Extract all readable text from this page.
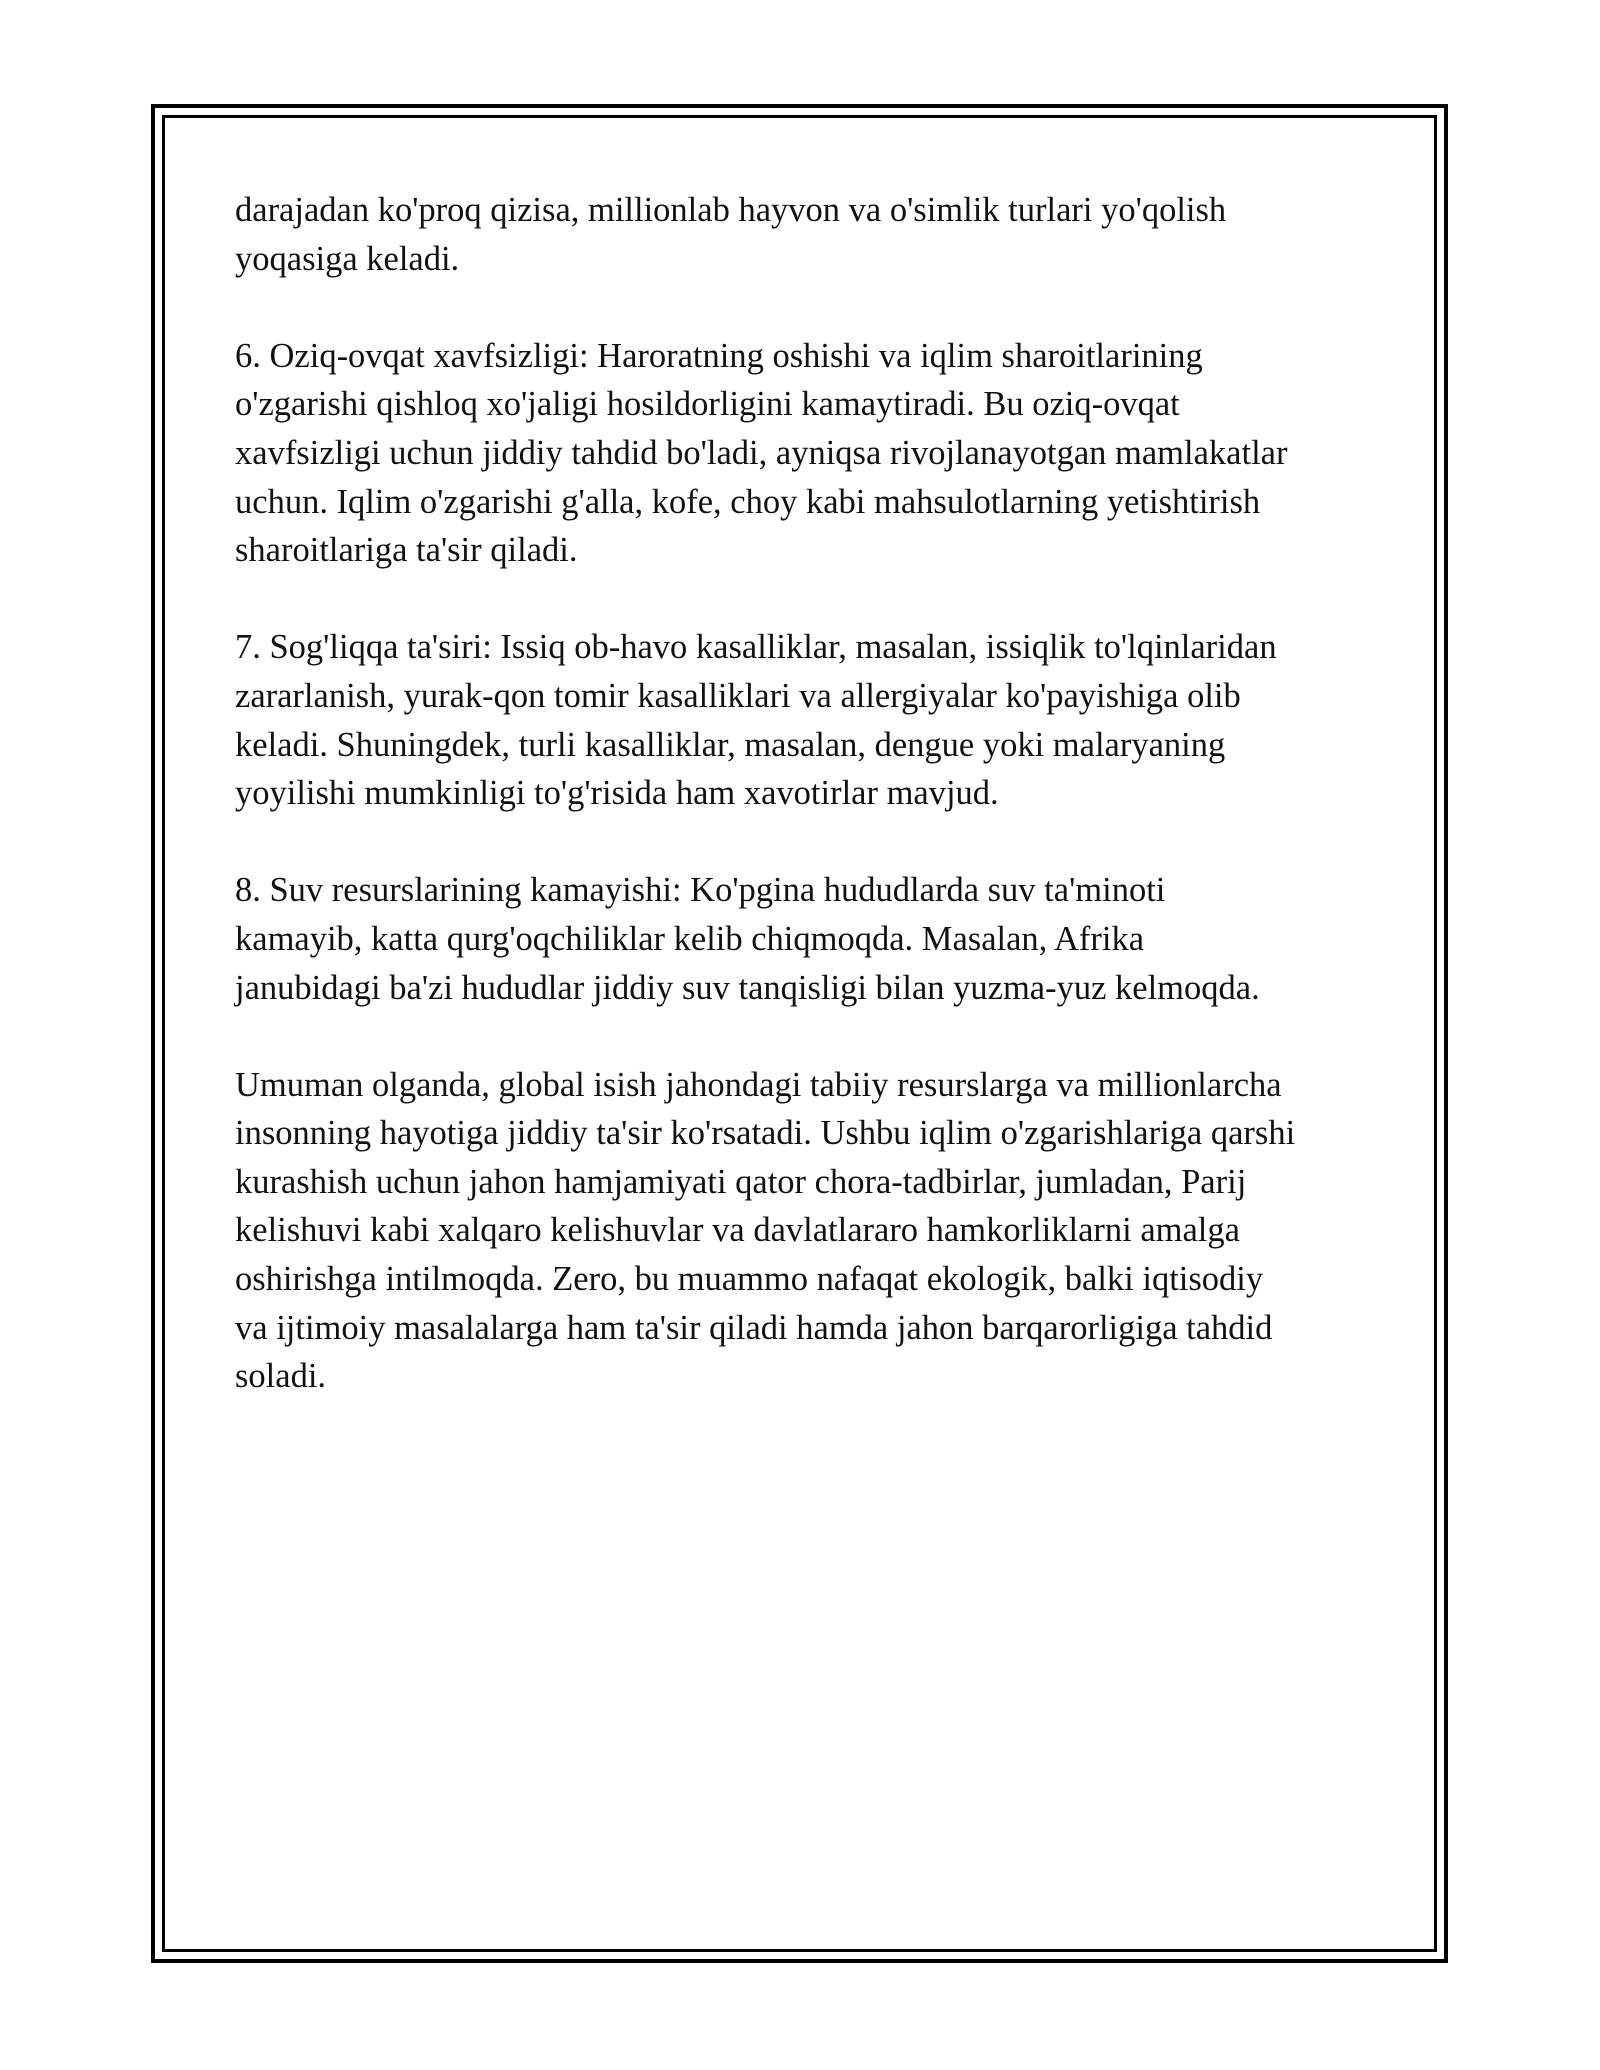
darajadan ko'proq qizisa, millionlab hayvon va o'simlik turlari yo'qolish
yoqasiga keladi.

6. Oziq-ovqat xavfsizligi: Haroratning oshishi va iqlim sharoitlarining
o'zgarishi qishloq xo'jaligi hosildorligini kamaytiradi. Bu oziq-ovqat
xavfsizligi uchun jiddiy tahdid bo'ladi, ayniqsa rivojlanayotgan mamlakatlar
uchun. Iqlim o'zgarishi g'alla, kofe, choy kabi mahsulotlarning yetishtirish
sharoitlariga ta'sir qiladi.

7. Sog'liqqa ta'siri: Issiq ob-havo kasalliklar, masalan, issiqlik to'lqinlaridan
zararlanish, yurak-qon tomir kasalliklari va allergiyalar ko'payishiga olib
keladi. Shuningdek, turli kasalliklar, masalan, dengue yoki malaryaning
yoyilishi mumkinligi to'g'risida ham xavotirlar mavjud.

8. Suv resurslarining kamayishi: Ko'pgina hududlarda suv ta'minoti
kamayib, katta qurg'oqchiliklar kelib chiqmoqda. Masalan, Afrika
janubidagi ba'zi hududlar jiddiy suv tanqisligi bilan yuzma-yuz kelmoqda.

Umuman olganda, global isish jahondagi tabiiy resurslarga va millionlarcha
insonning hayotiga jiddiy ta'sir ko'rsatadi. Ushbu iqlim o'zgarishlariga qarshi
kurashish uchun jahon hamjamiyati qator chora-tadbirlar, jumladan, Parij
kelishuvi kabi xalqaro kelishuvlar va davlatlararo hamkorliklarni amalga
oshirishga intilmoqda. Zero, bu muammo nafaqat ekologik, balki iqtisodiy
va ijtimoiy masalalarga ham ta'sir qiladi hamda jahon barqarorligiga tahdid
soladi.
